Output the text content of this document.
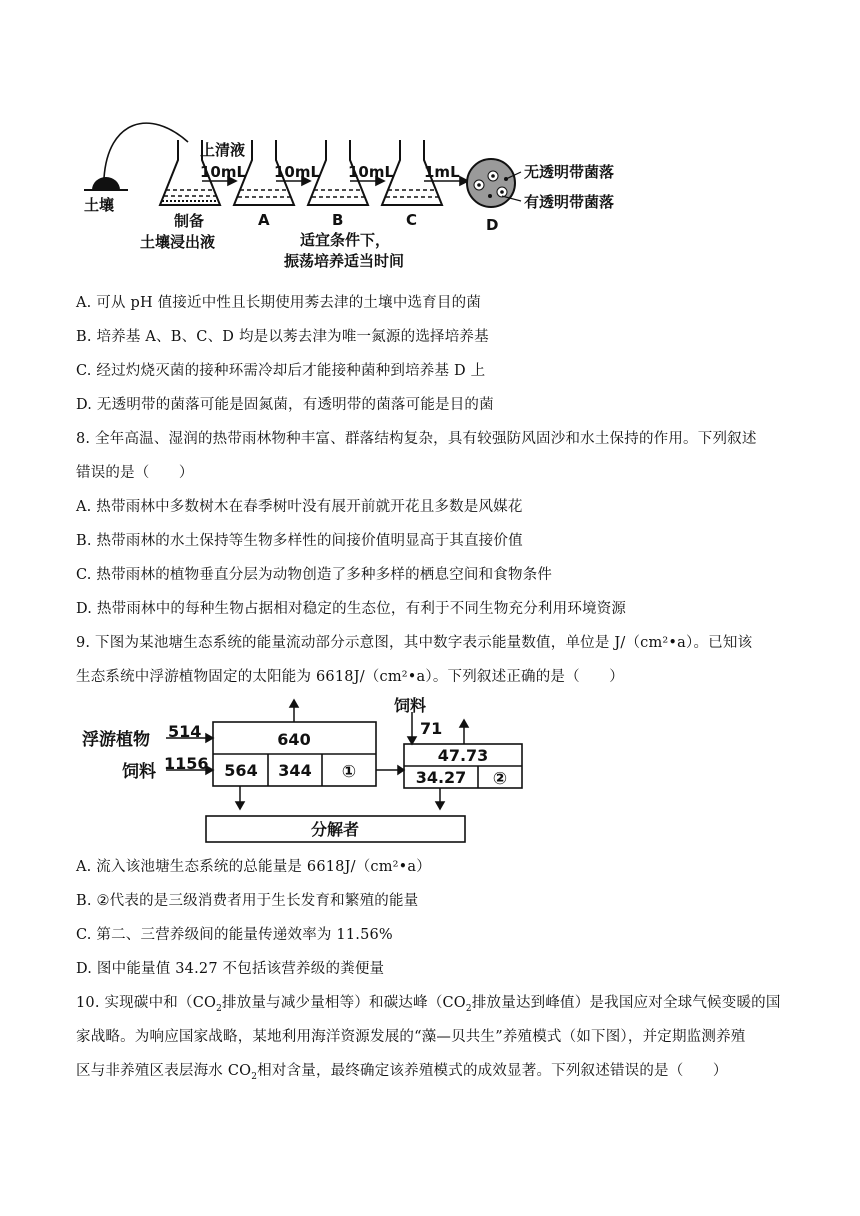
土壤
上清液
10mL 10mL 10mL 1mL
制备
土壤浸出液
A	B	C	D
适宜条件下，
振荡培养适当时间
无透明带菌落
有透明带菌落
A. 可从 pH 值接近中性且长期使用莠去津的土壤中选育目的菌
B. 培养基 A、B、C、D 均是以莠去津为唯一氮源的选择培养基
C. 经过灼烧灭菌的接种环需冷却后才能接种菌种到培养基 D 上
D. 无透明带的菌落可能是固氮菌，有透明带的菌落可能是目的菌
8. 全年高温、湿润的热带雨林物种丰富、群落结构复杂，具有较强防风固沙和水土保持的作用。下列叙述
错误的是（　　）
A. 热带雨林中多数树木在春季树叶没有展开前就开花且多数是风媒花
B. 热带雨林的水土保持等生物多样性的间接价值明显高于其直接价值
C. 热带雨林的植物垂直分层为动物创造了多种多样的栖息空间和食物条件
D. 热带雨林中的每种生物占据相对稳定的生态位，有利于不同生物充分利用环境资源
9. 下图为某池塘生态系统的能量流动部分示意图，其中数字表示能量数值，单位是 J/（cm²•a）。已知该
生态系统中浮游植物固定的太阳能为 6618J/（cm²•a）。下列叙述正确的是（　　）
浮游植物 514
饲料 1156
饲料
71
640
564 344 ①
47.73
34.27 ②
分解者
A. 流入该池塘生态系统的总能量是 6618J/（cm²•a）
B. ②代表的是三级消费者用于生长发育和繁殖的能量
C. 第二、三营养级间的能量传递效率为 11.56%
D. 图中能量值 34.27 不包括该营养级的粪便量
10. 实现碳中和（$CO_2$排放量与减少量相等）和碳达峰（$CO_2$排放量达到峰值）是我国应对全球气候变暖的国
家战略。为响应国家战略，某地利用海洋资源发展的“藻—贝共生”养殖模式（如下图），并定期监测养殖
区与非养殖区表层海水 $CO_2$相对含量，最终确定该养殖模式的成效显著。下列叙述错误的是（　　）
